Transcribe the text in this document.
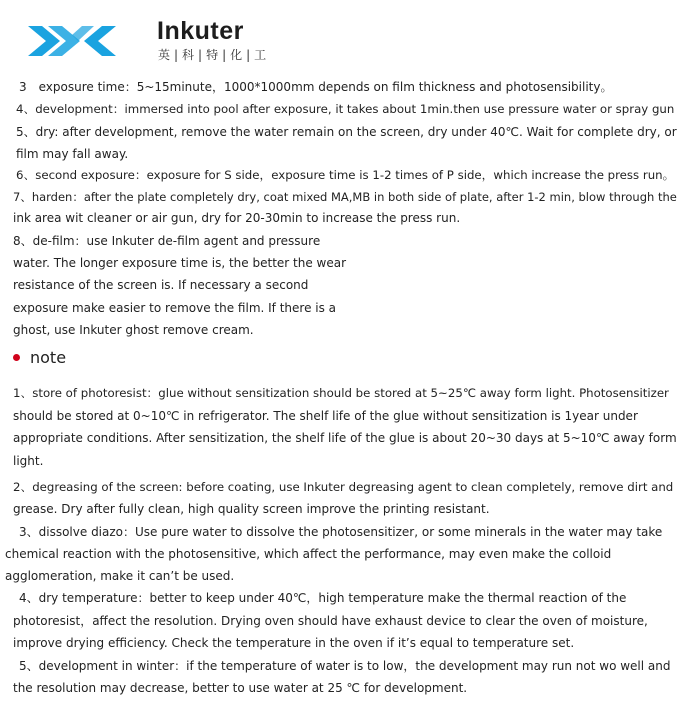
Inkuter
英|科|特|化|工
3　exposure time：5~15minute，1000*1000mm depends on film thickness and photosensibility。
4、development：immersed into pool after exposure, it takes about 1min.then use pressure water or spray gun
5、dry: after development, remove the water remain on the screen, dry under 40℃. Wait for complete dry, or
film may fall away.
6、second exposure：exposure for S side，exposure time is 1-2 times of P side，which increase the press run。
7、harden：after the plate completely dry, coat mixed MA,MB in both side of plate, after 1-2 min, blow through the
ink area wit cleaner or air gun, dry for 20-30min to increase the press run.
8、de-film：use Inkuter de-film agent and pressure
water. The longer exposure time is, the better the wear
resistance of the screen is. If necessary a second
exposure make easier to remove the film. If there is a
ghost, use Inkuter ghost remove cream.
note
1、store of photoresist：glue without sensitization should be stored at 5~25℃ away form light. Photosensitizer
should be stored at 0~10℃ in refrigerator. The shelf life of the glue without sensitization is 1year under
appropriate conditions. After sensitization, the shelf life of the glue is about 20~30 days at 5~10℃ away form
light.
2、degreasing of the screen: before coating, use Inkuter degreasing agent to clean completely, remove dirt and
grease. Dry after fully clean, high quality screen improve the printing resistant.
3、dissolve diazo：Use pure water to dissolve the photosensitizer, or some minerals in the water may take
chemical reaction with the photosensitive, which affect the performance, may even make the colloid
agglomeration, make it can’t be used.
4、dry temperature：better to keep under 40℃，high temperature make the thermal reaction of the
photoresist，affect the resolution. Drying oven should have exhaust device to clear the oven of moisture,
improve drying efficiency. Check the temperature in the oven if it’s equal to temperature set.
5、development in winter：if the temperature of water is to low，the development may run not wo well and
the resolution may decrease, better to use water at 25 ℃ for development.
